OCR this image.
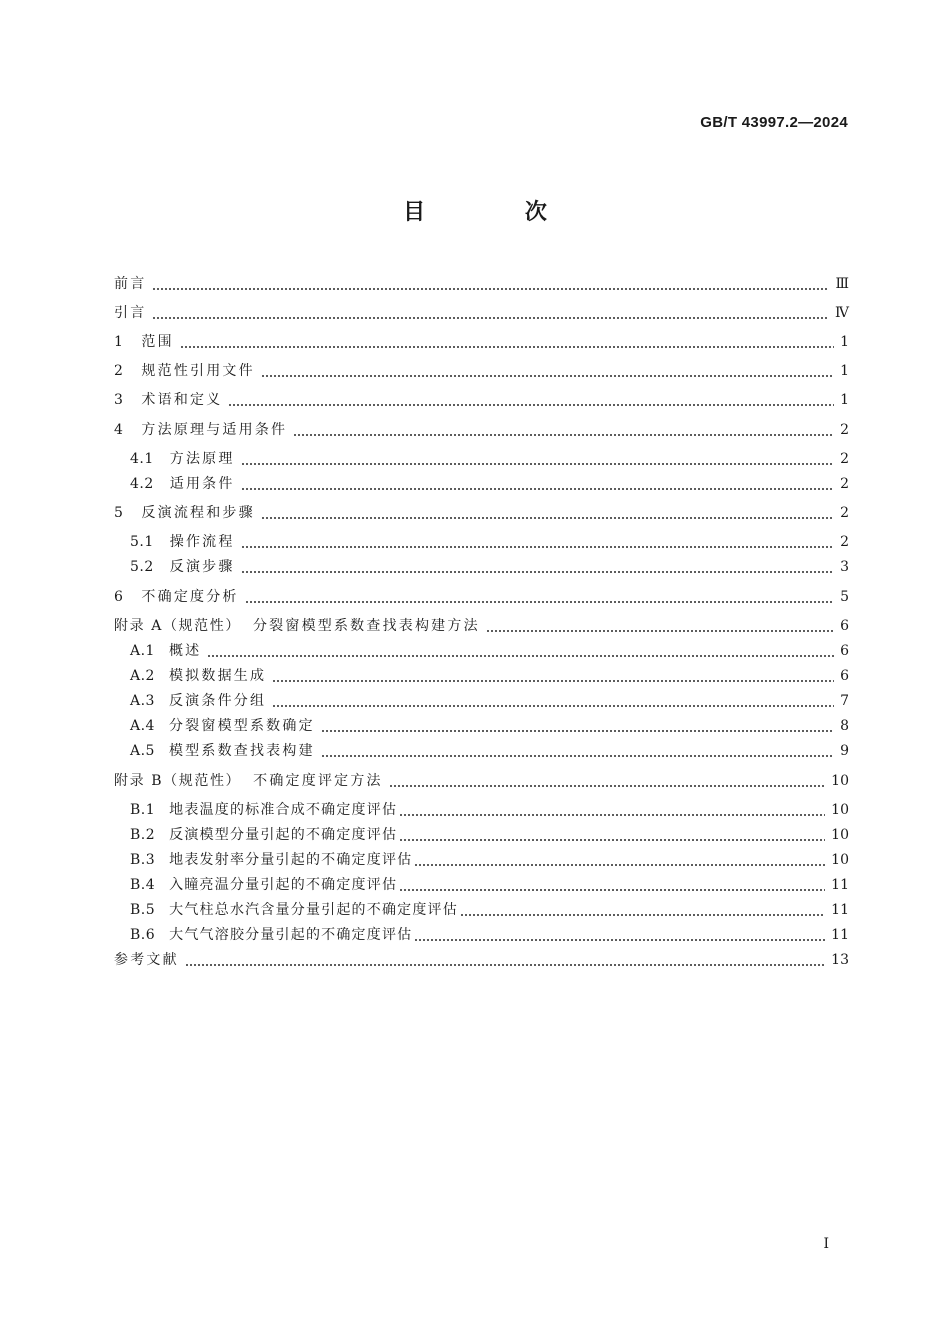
GB/T 43997.2—2024
目 次
前言	Ⅲ
引言	Ⅳ
1	范围	1
2	规范性引用文件	1
3	术语和定义	1
4	方法原理与适用条件	2
4.1	方法原理	2
4.2	适用条件	2
5	反演流程和步骤	2
5.1	操作流程	2
5.2	反演步骤	3
6	不确定度分析	5
附录 A（规范性） 分裂窗模型系数查找表构建方法	6
A.1	概述	6
A.2	模拟数据生成	6
A.3	反演条件分组	7
A.4	分裂窗模型系数确定	8
A.5	模型系数查找表构建	9
附录 B（规范性） 不确定度评定方法	10
B.1	地表温度的标准合成不确定度评估	10
B.2	反演模型分量引起的不确定度评估	10
B.3	地表发射率分量引起的不确定度评估	10
B.4	入瞳亮温分量引起的不确定度评估	11
B.5	大气柱总水汽含量分量引起的不确定度评估	11
B.6	大气气溶胶分量引起的不确定度评估	11
参考文献	13
I
